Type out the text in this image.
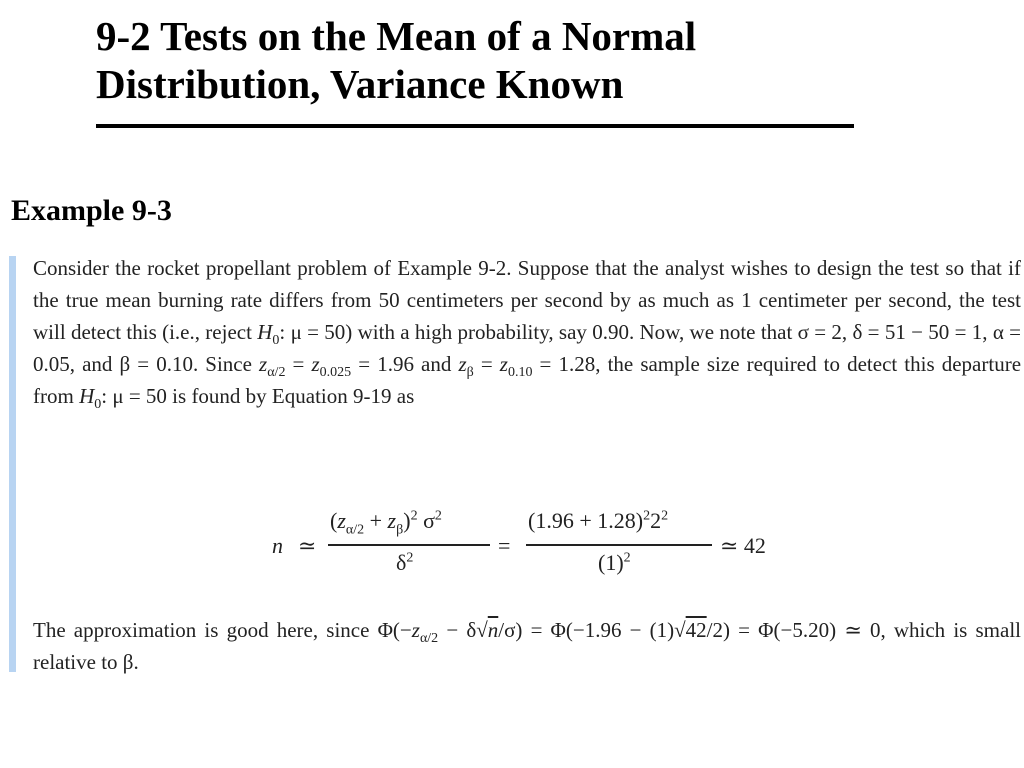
9-2 Tests on the Mean of a Normal
Distribution, Variance Known
Example 9-3

Consider the rocket propellant problem of Example 9-2. Suppose that the analyst wishes to design the test so that if the true mean burning rate differs from 50 centimeters per second by as much as 1 centimeter per second, the test will detect this (i.e., reject $H_0$: μ = 50) with a high probability, say 0.90. Now, we note that σ = 2, δ = 51 − 50 = 1, α = 0.05, and β = 0.10. Since $z_{\alpha/2} = z_{0.025} = 1.96$ and $z_\beta = z_{0.10} = 1.28$, the sample size required to detect this departure from $H_0$: μ = 50 is found by Equation 9-19 as

n ≃
$(z_{\alpha/2} + z_\beta)^2$ $\sigma^2$
$\delta^2$
=
$(1.96 + 1.28)^22^2$
$(1)^2$
≃ 42

The approximation is good here, since $\Phi(-z_{\alpha/2} - \delta√n/\sigma) = \Phi(-1.96 - (1)√42/2) = \Phi(-5.20)$ ≃ 0, which is small relative to β.
